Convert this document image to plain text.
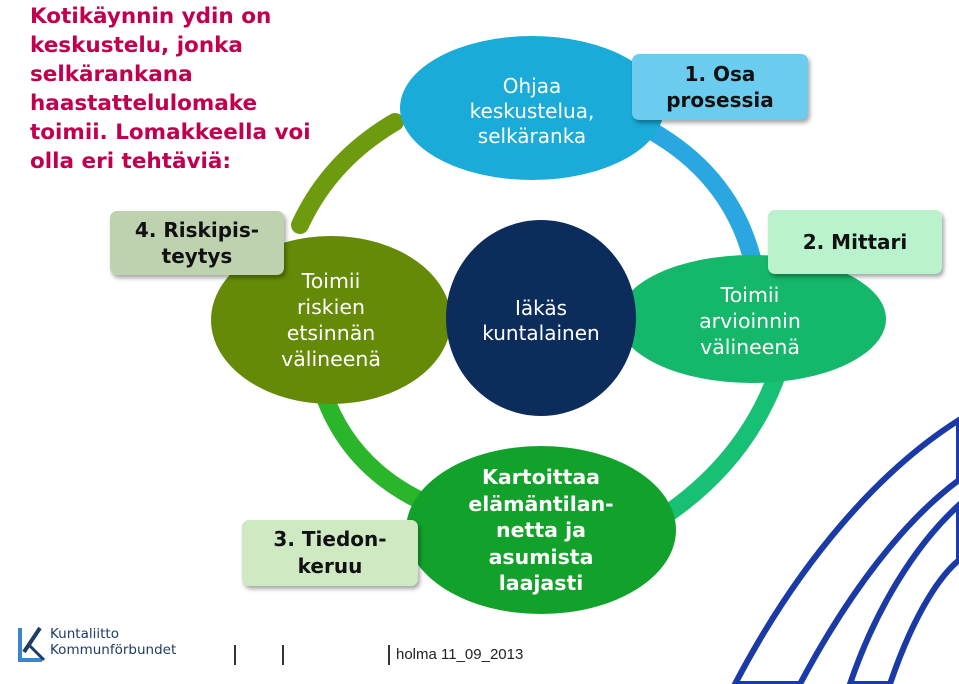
Kotikäynnin ydin on
keskustelu, jonka
selkärankana
haastattelulomake
toimii. Lomakkeella voi
olla eri tehtäviä:
Ohjaa
keskustelua,
selkäranka
Iäkäs
kuntalainen
Toimii
arvioinnin
välineenä
Toimii
riskien
etsinnän
välineenä
Kartoittaa
elämäntilan-
netta ja
asumista
laajasti
1. Osa
prosessia
2. Mittari
3. Tiedon-
keruu
4. Riskipis-
teytys
Kuntaliitto
Kommunförbundet	holma 11_09_2013
